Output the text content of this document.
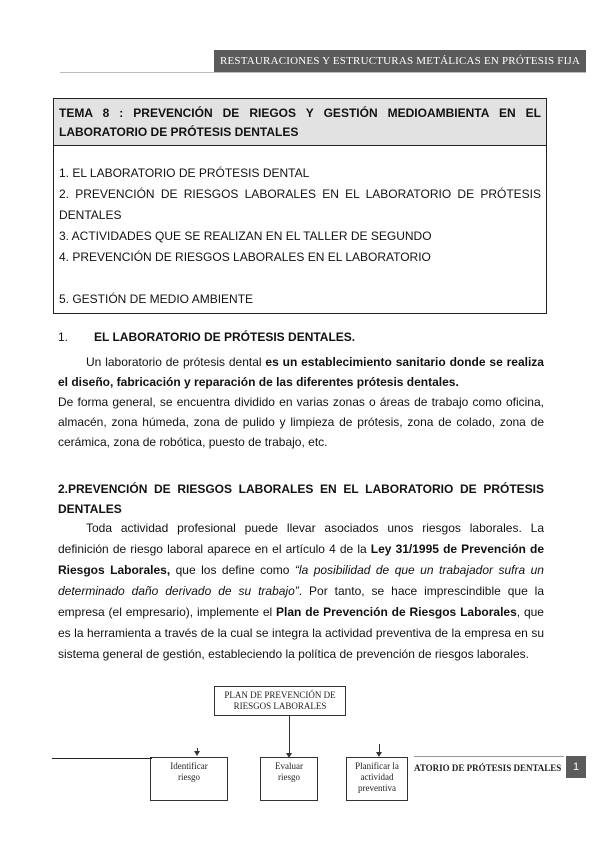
RESTAURACIONES Y ESTRUCTURAS METÁLICAS EN PRÓTESIS FIJA
TEMA 8 : PREVENCIÓN DE RIEGOS Y GESTIÓN MEDIOAMBIENTA EN EL LABORATORIO DE PRÓTESIS DENTALES
1. EL LABORATORIO DE PRÓTESIS DENTAL
2. PREVENCIÓN DE RIESGOS LABORALES EN EL LABORATORIO DE PRÓTESIS DENTALES
3. ACTIVIDADES QUE SE REALIZAN EN EL TALLER DE SEGUNDO
4. PREVENCIÓN DE RIESGOS LABORALES EN EL LABORATORIO
5. GESTIÓN DE MEDIO AMBIENTE
1. EL LABORATORIO DE PRÓTESIS DENTALES.

Un laboratorio de prótesis dental es un establecimiento sanitario donde se realiza el diseño, fabricación y reparación de las diferentes prótesis dentales.

De forma general, se encuentra dividido en varias zonas o áreas de trabajo como oficina, almacén, zona húmeda, zona de pulido y limpieza de prótesis, zona de colado, zona de cerámica, zona de robótica, puesto de trabajo, etc.

2.PREVENCIÓN DE RIESGOS LABORALES EN EL LABORATORIO DE PRÓTESIS DENTALES

Toda actividad profesional puede llevar asociados unos riesgos laborales. La definición de riesgo laboral aparece en el artículo 4 de la Ley 31/1995 de Prevención de Riesgos Laborales, que los define como “la posibilidad de que un trabajador sufra un determinado daño derivado de su trabajo”. Por tanto, se hace imprescindible que la empresa (el empresario), implemente el Plan de Prevención de Riesgos Laborales, que es la herramienta a través de la cual se integra la actividad preventiva de la empresa en su sistema general de gestión, estableciendo la política de prevención de riesgos laborales.

PLAN DE PREVENCIÓN DE RIESGOS LABORALES
Identificar riesgo
Evaluar riesgo
Planificar la actividad preventiva
ATORIO DE PRÓTESIS DENTALES	1
